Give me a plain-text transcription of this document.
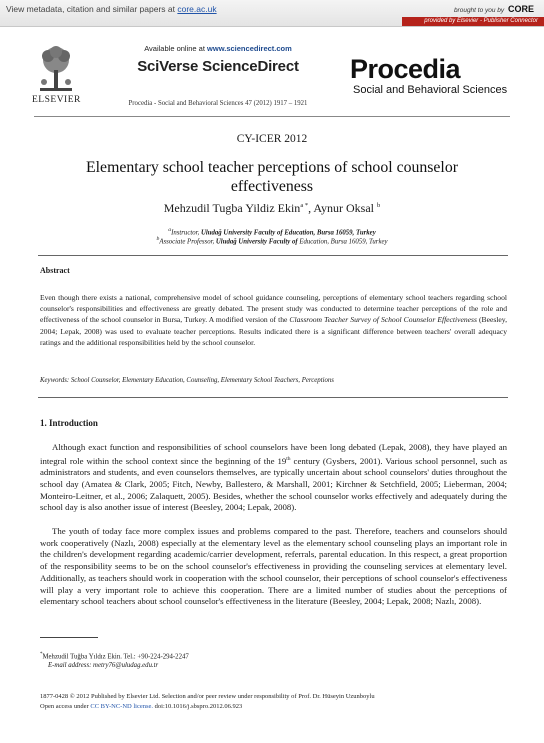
View metadata, citation and similar papers at core.ac.uk	brought to you by CORE
provided by Elsevier - Publisher Connector
ELSEVIER
Available online at www.sciencedirect.com
SciVerse ScienceDirect
Procedia - Social and Behavioral Sciences 47 (2012) 1917 – 1921
Procedia
Social and Behavioral Sciences
CY-ICER 2012
Elementary school teacher perceptions of school counselor effectiveness
Mehzudil Tugba Yildiz Ekin$^{a *}$, Aynur Oksal $^b$
$^a$Instructor, Uludağ University Faculty of Education, Bursa 16059, Turkey
$^b$Associate Professor, Uludağ University Faculty of Education, Bursa 16059, Turkey
Abstract
Even though there exists a national, comprehensive model of school guidance counseling, perceptions of elementary school teachers regarding school counselor's responsibilities and effectiveness are greatly debated. The present study was conducted to determine teacher perceptions of the role and effectiveness of the school counselor in Bursa, Turkey. A modified version of the Classroom Teacher Survey of School Counselor Effectiveness (Beesley, 2004; Lepak, 2008) was used to evaluate teacher perceptions. Results indicated there is a significant difference between teachers' overall adequacy ratings and the additional responsibilities held by the school counselor.
Keywords: School Counselor, Elementary Education, Counseling, Elementary School Teachers, Perceptions
1. Introduction
Although exact function and responsibilities of school counselors have been long debated (Lepak, 2008), they have played an integral role within the school context since the beginning of the 19th century (Gysbers, 2001). Various school personnel, such as administrators and students, and even counselors themselves, are typically uncertain about school counselors' duties throughout the school day (Amatea & Clark, 2005; Fitch, Newby, Ballestero, & Marshall, 2001; Kirchner & Setchfield, 2005; Lieberman, 2004; Monteiro-Leitner, et al., 2006; Zalaquett, 2005). Besides, whether the school counselor works effectively and adequately during the school day is also another issue of interest (Beesley, 2004; Lepak, 2008).
The youth of today face more complex issues and problems compared to the past. Therefore, teachers and counselors should work cooperatively (Nazlı, 2008) especially at the elementary level as the elementary school counseling plays an important role in the children's development regarding academic/carrier development, referrals, parental education. In this respect, a great proportion of the responsibility seems to be on the school counselor's effectiveness in providing the counseling services at elementary level. Additionally, as teachers should work in cooperation with the school counselor, their perceptions of school counselor's effectiveness will play a very important role to achieve this cooperation. There are a limited number of studies about the perceptions of elementary school teachers about school counselor's effectiveness in the literature (Beesley, 2004; Lepak, 2008; Nazlı, 2008).
*Mehzudil Tuğba Yıldız Ekin. Tel.: +90-224-294-2247
E-mail address: metry76@uludag.edu.tr
1877-0428 © 2012 Published by Elsevier Ltd. Selection and/or peer review under responsibility of Prof. Dr. Hüseyin Uzunboylu
Open access under CC BY-NC-ND license. doi:10.1016/j.sbspro.2012.06.923
